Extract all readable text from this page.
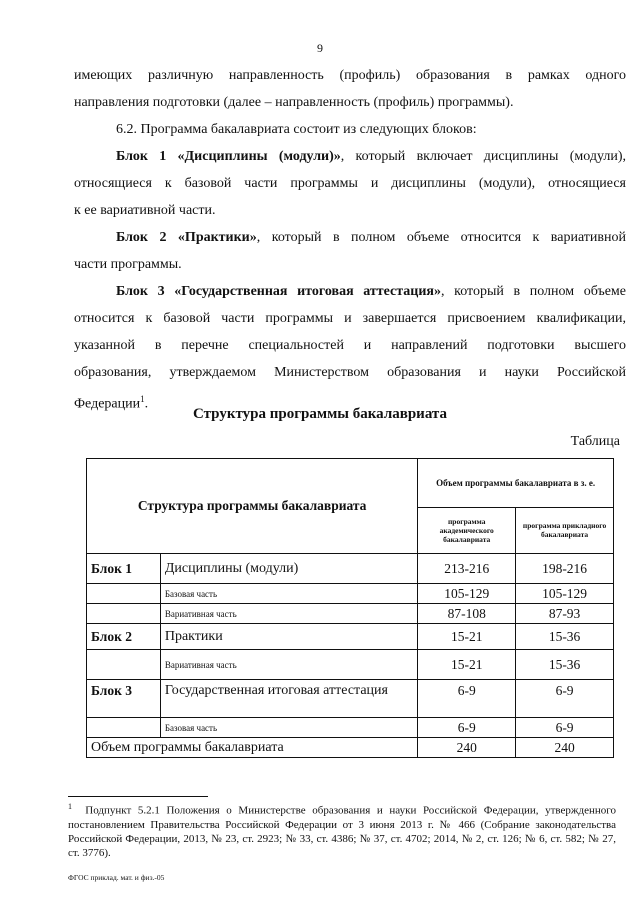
9

имеющих различную направленность (профиль) образования в рамках одного

направления подготовки (далее – направленность (профиль) программы).

6.2. Программа бакалавриата состоит из следующих блоков:

Блок 1 «Дисциплины (модули)», который включает дисциплины (модули),

относящиеся к базовой части программы и дисциплины (модули), относящиеся

к ее вариативной части.

Блок 2 «Практики», который в полном объеме относится к вариативной

части программы.

Блок 3 «Государственная итоговая аттестация», который в полном объеме

относится к базовой части программы и завершается присвоением квалификации,

указанной в перечне специальностей и направлений подготовки высшего

образования, утверждаемом Министерством образования и науки Российской

Федерации$^1$.

Структура программы бакалавриата
Таблица
Структура программы бакалавриата		Объем программы бакалавриата в з. е.	
		программа академического бакалавриата	программа прикладного бакалавриата
Блок 1	Дисциплины (модули)	213-216	198-216
	Базовая часть	105-129	105-129
	Вариативная часть	87-108	87-93
Блок 2	Практики	15-21	15-36
	Вариативная часть	15-21	15-36
Блок 3	Государственная итоговая аттестация	6-9	6-9
	Базовая часть	6-9	6-9
Объем программы бакалавриата		240	240
$^1$ Подпункт 5.2.1 Положения о Министерстве образования и науки Российской Федерации, утвержденного постановлением Правительства Российской Федерации от 3 июня 2013 г. № 466 (Собрание законодательства Российской Федерации, 2013, № 23, ст. 2923; № 33, ст. 4386; № 37, ст. 4702; 2014, № 2, ст. 126; № 6, ст. 582; № 27, ст. 3776).
ФГОС приклад. мат. и физ.-05
